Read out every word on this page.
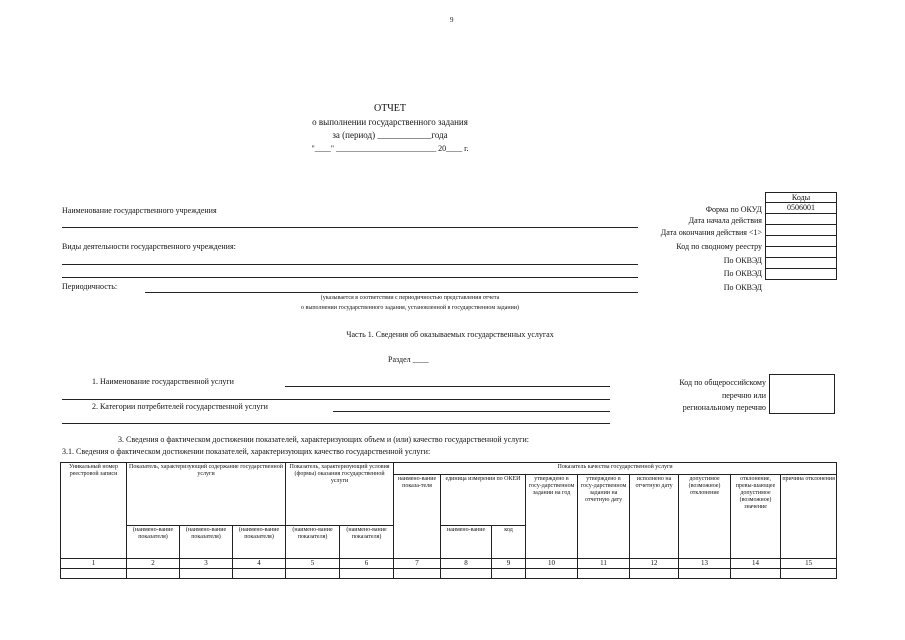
9
ОТЧЕТ
о выполнении государственного задания
за (период) ____________года
"____" _________________________ 20____ г.
Коды
0506001
Форма по ОКУД
Дата начала действия
Дата окончания действия <1>
Код по сводному реестру
По ОКВЭД
По ОКВЭД
По ОКВЭД
Наименование государственного учреждения
Виды деятельности государственного учреждения:
Периодичность:
(указывается в соответствии с периодичностью представления отчета
о выполнении государственного задания, установленной в государственном задании)
Часть 1. Сведения об оказываемых государственных услугах
Раздел ____
1. Наименование государственной услуги
2. Категории потребителей государственной услуги
Код по общероссийскому
перечню или
региональному перечню
3. Сведения о фактическом достижении показателей, характеризующих объем и (или) качество государственной услуги:
3.1. Сведения о фактическом достижении показателей, характеризующих качество государственной услуги:
Уникальный номер реестровой записи	Показатель, характеризующий содержание государственной услуги			Показатель, характеризующий условия (формы) оказания государственной услуги		Показатель качества государственной услуги								
						наимено-вание показа-теля	единица измерения по ОКЕИ		утверждено в госу-дарственном задании на год	утверждено в госу-дарственном задании на отчетную дату	исполнено на отчетную дату	допустимое (возможное) отклонение	отклонение, превы-шающее допустимое (возможное) значение	причина отклонения
	(наимено-вание показателя)	(наимено-вание показателя)	(наимено-вание показателя)	(наимено-вание показателя)	(наимено-вание показателя)		наимено-вание	код						
1	2	3	4	5	6	7	8	9	10	11	12	13	14	15
